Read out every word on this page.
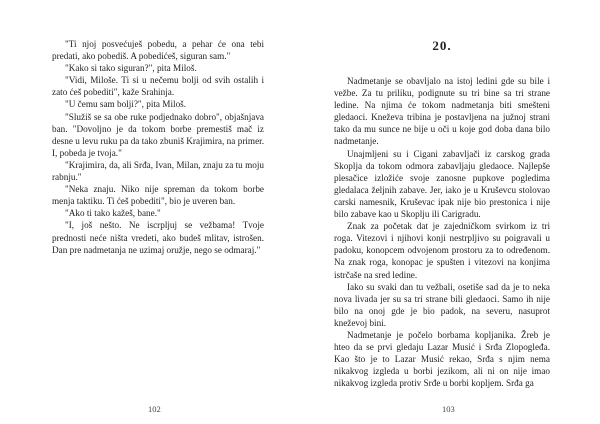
"Ti njoj posvećuješ pobedu, a pehar će ona tebi predati, ako pobediš. A pobedićeš, siguran sam."

"Kako si tako siguran?", pita Miloš.

"Vidi, Miloše. Ti si u nečemu bolji od svih ostalih i zato ćeš pobediti", kaže Srahinja.

"U čemu sam bolji?", pita Miloš.

"Služiš se sa obe ruke podjednako dobro", objašnjava ban. "Dovoljno je da tokom borbe premestiš mač iz desne u levu ruku pa da tako zbuniš Krajimira, na primer. I, pobeda je tvoja."

"Krajimira, da, ali Srđa, Ivan, Milan, znaju za tu moju rabnju."

"Neka znaju. Niko nije spreman da tokom borbe menja taktiku. Ti ćeš pobediti", bio je uveren ban.

"Ako ti tako kažeš, bane."

"I, još nešto. Ne iscrpljuj se vežbama! Tvoje prednosti neće ništa vredeti, ako budeš mlitav, istrošen. Dan pre nadmetanja ne uzimaj oružje, nego se odmaraj."

102
20.

Nadmetanje se obavljalo na istoj ledini gde su bile i vežbe. Za tu priliku, podignute su tri bine sa tri strane ledine. Na njima će tokom nadmetanja biti smešteni gledaoci. Kneževa tribina je postavljena na južnoj strani tako da mu sunce ne bije u oči u koje god doba dana bilo nadmetanje.

Unajmljeni su i Cigani zabavljači iz carskog grada Skoplja da tokom odmora zabavljaju gledaoce. Najlepše plesačice izložiće svoje zanosne pupkove pogledima gledalaca željnih zabave. Jer, iako je u Kruševcu stolovao carski namesnik, Kruševac ipak nije bio prestonica i nije bilo zabave kao u Skoplju ili Carigradu.

Znak za početak dat je zajedničkom svirkom iz tri roga. Vitezovi i njihovi konji nestrpljivo su poigravali u padoku, konopcem odvojenom prostoru za to određenom. Na znak roga, konopac je spušten i vitezovi na konjima istrčaše na sred ledine.

Iako su svaki dan tu vežbali, osetiše sad da je to neka nova livada jer su sa tri strane bili gledaoci. Samo ih nije bilo na onoj gde je bio padok, na severu, nasuprot kneževoj bini.

Nadmetanje je počelo borbama kopljanika. Žreb je hteo da se prvi gledaju Lazar Musić i Srđa Zlopogleđa. Kao što je to Lazar Musić rekao, Srđa s njim nema nikakvog izgleda u borbi jezikom, ali ni on nije imao nikakvog izgleda protiv Srđe u borbi kopljem. Srđa ga

103
